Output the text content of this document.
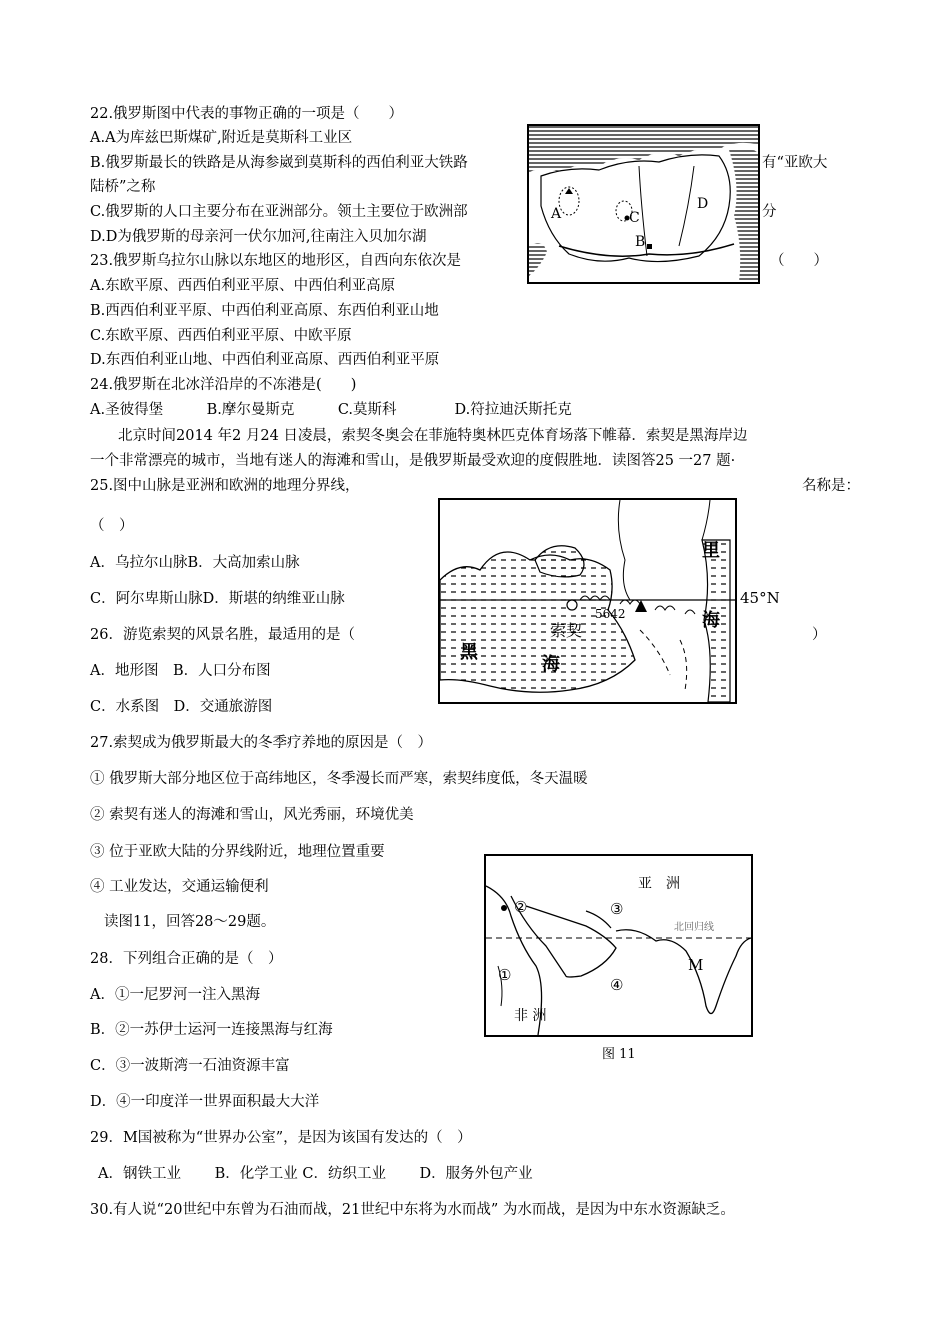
22.俄罗斯图中代表的事物正确的一项是（　　）
A.A为库兹巴斯煤矿,附近是莫斯科工业区
B.俄罗斯最长的铁路是从海参崴到莫斯科的西伯利亚大铁路	有“亚欧大
陆桥”之称
C.俄罗斯的人口主要分布在亚洲部分。领土主要位于欧洲部	分
D.D为俄罗斯的母亲河一伏尔加河,往南注入贝加尔湖
A	C
B
D
23.俄罗斯乌拉尔山脉以东地区的地形区，自西向东依次是	（　　）
A.东欧平原、西西伯利亚平原、中西伯利亚高原
B.西西伯利亚平原、中西伯利亚高原、东西伯利亚山地
C.东欧平原、西西伯利亚平原、中欧平原
D.东西伯利亚山地、中西伯利亚高原、西西伯利亚平原
24.俄罗斯在北冰洋沿岸的不冻港是(　　)
A.圣彼得堡　　　B.摩尔曼斯克　　　C.莫斯科　　　　D.符拉迪沃斯托克
北京时间2014 年2 月24 日凌晨，索契冬奥会在菲施特奥林匹克体育场落下帷幕．索契是黑海岸边
一个非常漂亮的城市，当地有迷人的海滩和雪山，是俄罗斯最受欢迎的度假胜地．读图答25 一27 题·
25.图中山脉是亚洲和欧洲的地理分界线，	名称是：
（　）
A．乌拉尔山脉B．大高加索山脉
C．阿尔卑斯山脉D．斯堪的纳维亚山脉
里
海
5642
索契
黑
海
45°N
26．游览索契的风景名胜，最适用的是（	）
A．地形图　B．人口分布图
C．水系图　D．交通旅游图
27.索契成为俄罗斯最大的冬季疗养地的原因是（　）
① 俄罗斯大部分地区位于高纬地区，冬季漫长而严寒，索契纬度低，冬天温暖
② 索契有迷人的海滩和雪山，风光秀丽，环境优美
③ 位于亚欧大陆的分界线附近，地理位置重要
④ 工业发达，交通运输便利
读图11，回答28～29题。
亚　洲
非 洲
北回归线
M
①
②	③
④
图 11
28．下列组合正确的是（　）
A．①一尼罗河一注入黑海
B．②一苏伊士运河一连接黑海与红海
C．③一波斯湾一石油资源丰富
D．④一印度洋一世界面积最大大洋
29．M国被称为“世界办公室”，是因为该国有发达的（　）
A．钢铁工业　　 B．化学工业 C．纺织工业　　 D．服务外包产业
30.有人说“20世纪中东曾为石油而战，21世纪中东将为水而战” 为水而战，是因为中东水资源缺乏。
